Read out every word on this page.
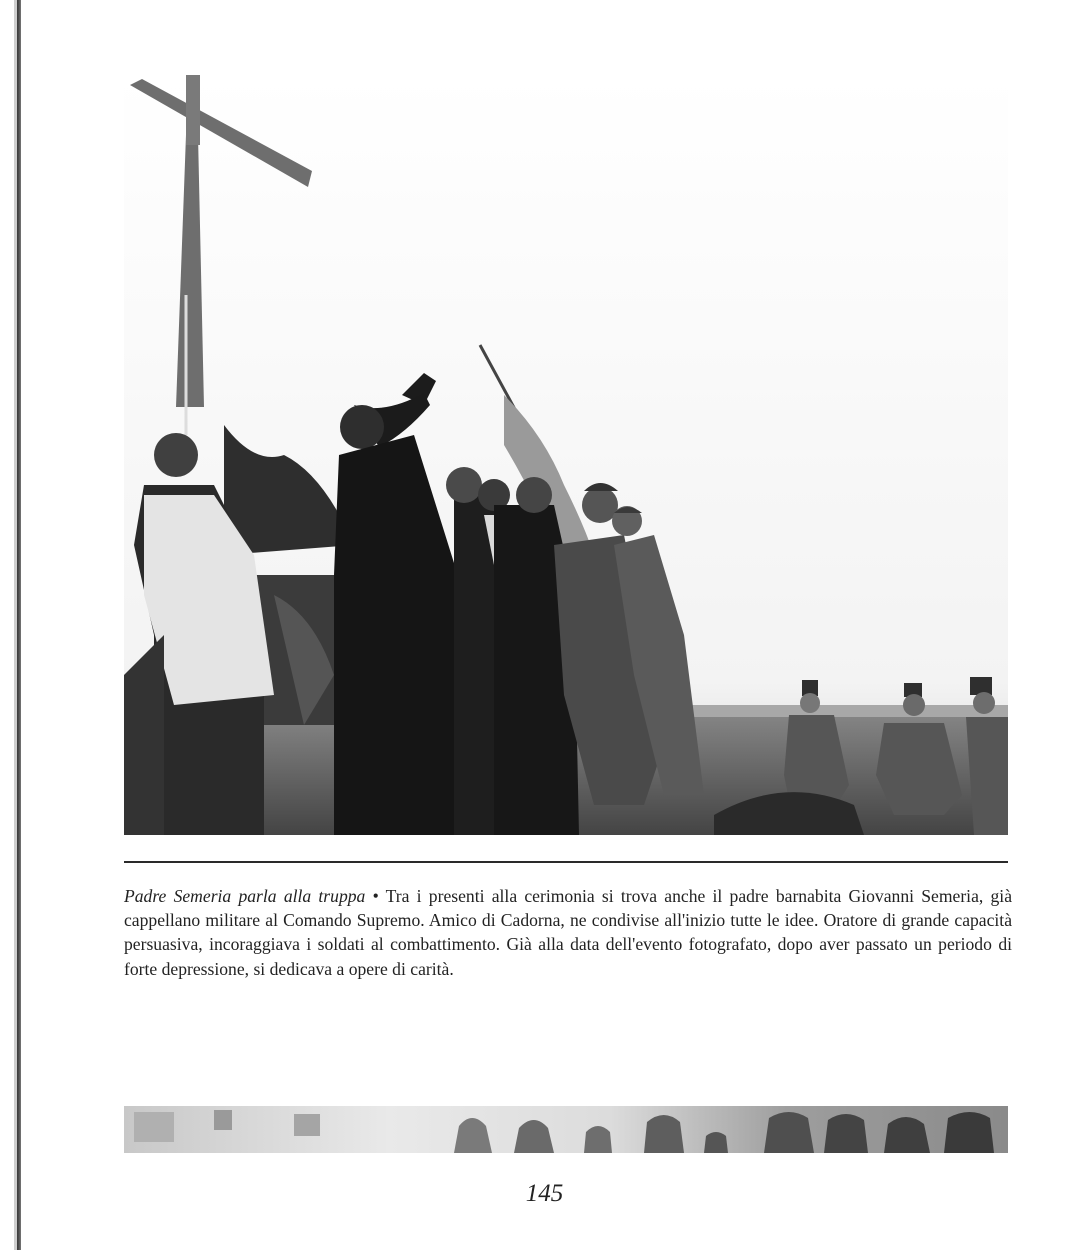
Padre Semeria parla alla truppa • Tra i presenti alla cerimonia si trova anche il padre barnabita Giovanni Semeria, già cappellano militare al Comando Supremo. Amico di Cadorna, ne condivise all'inizio tutte le idee. Oratore di grande capacità persuasiva, incoraggiava i soldati al combattimento. Già alla data dell'evento fotografato, dopo aver passato un periodo di forte depressione, si dedicava a opere di carità.

145
